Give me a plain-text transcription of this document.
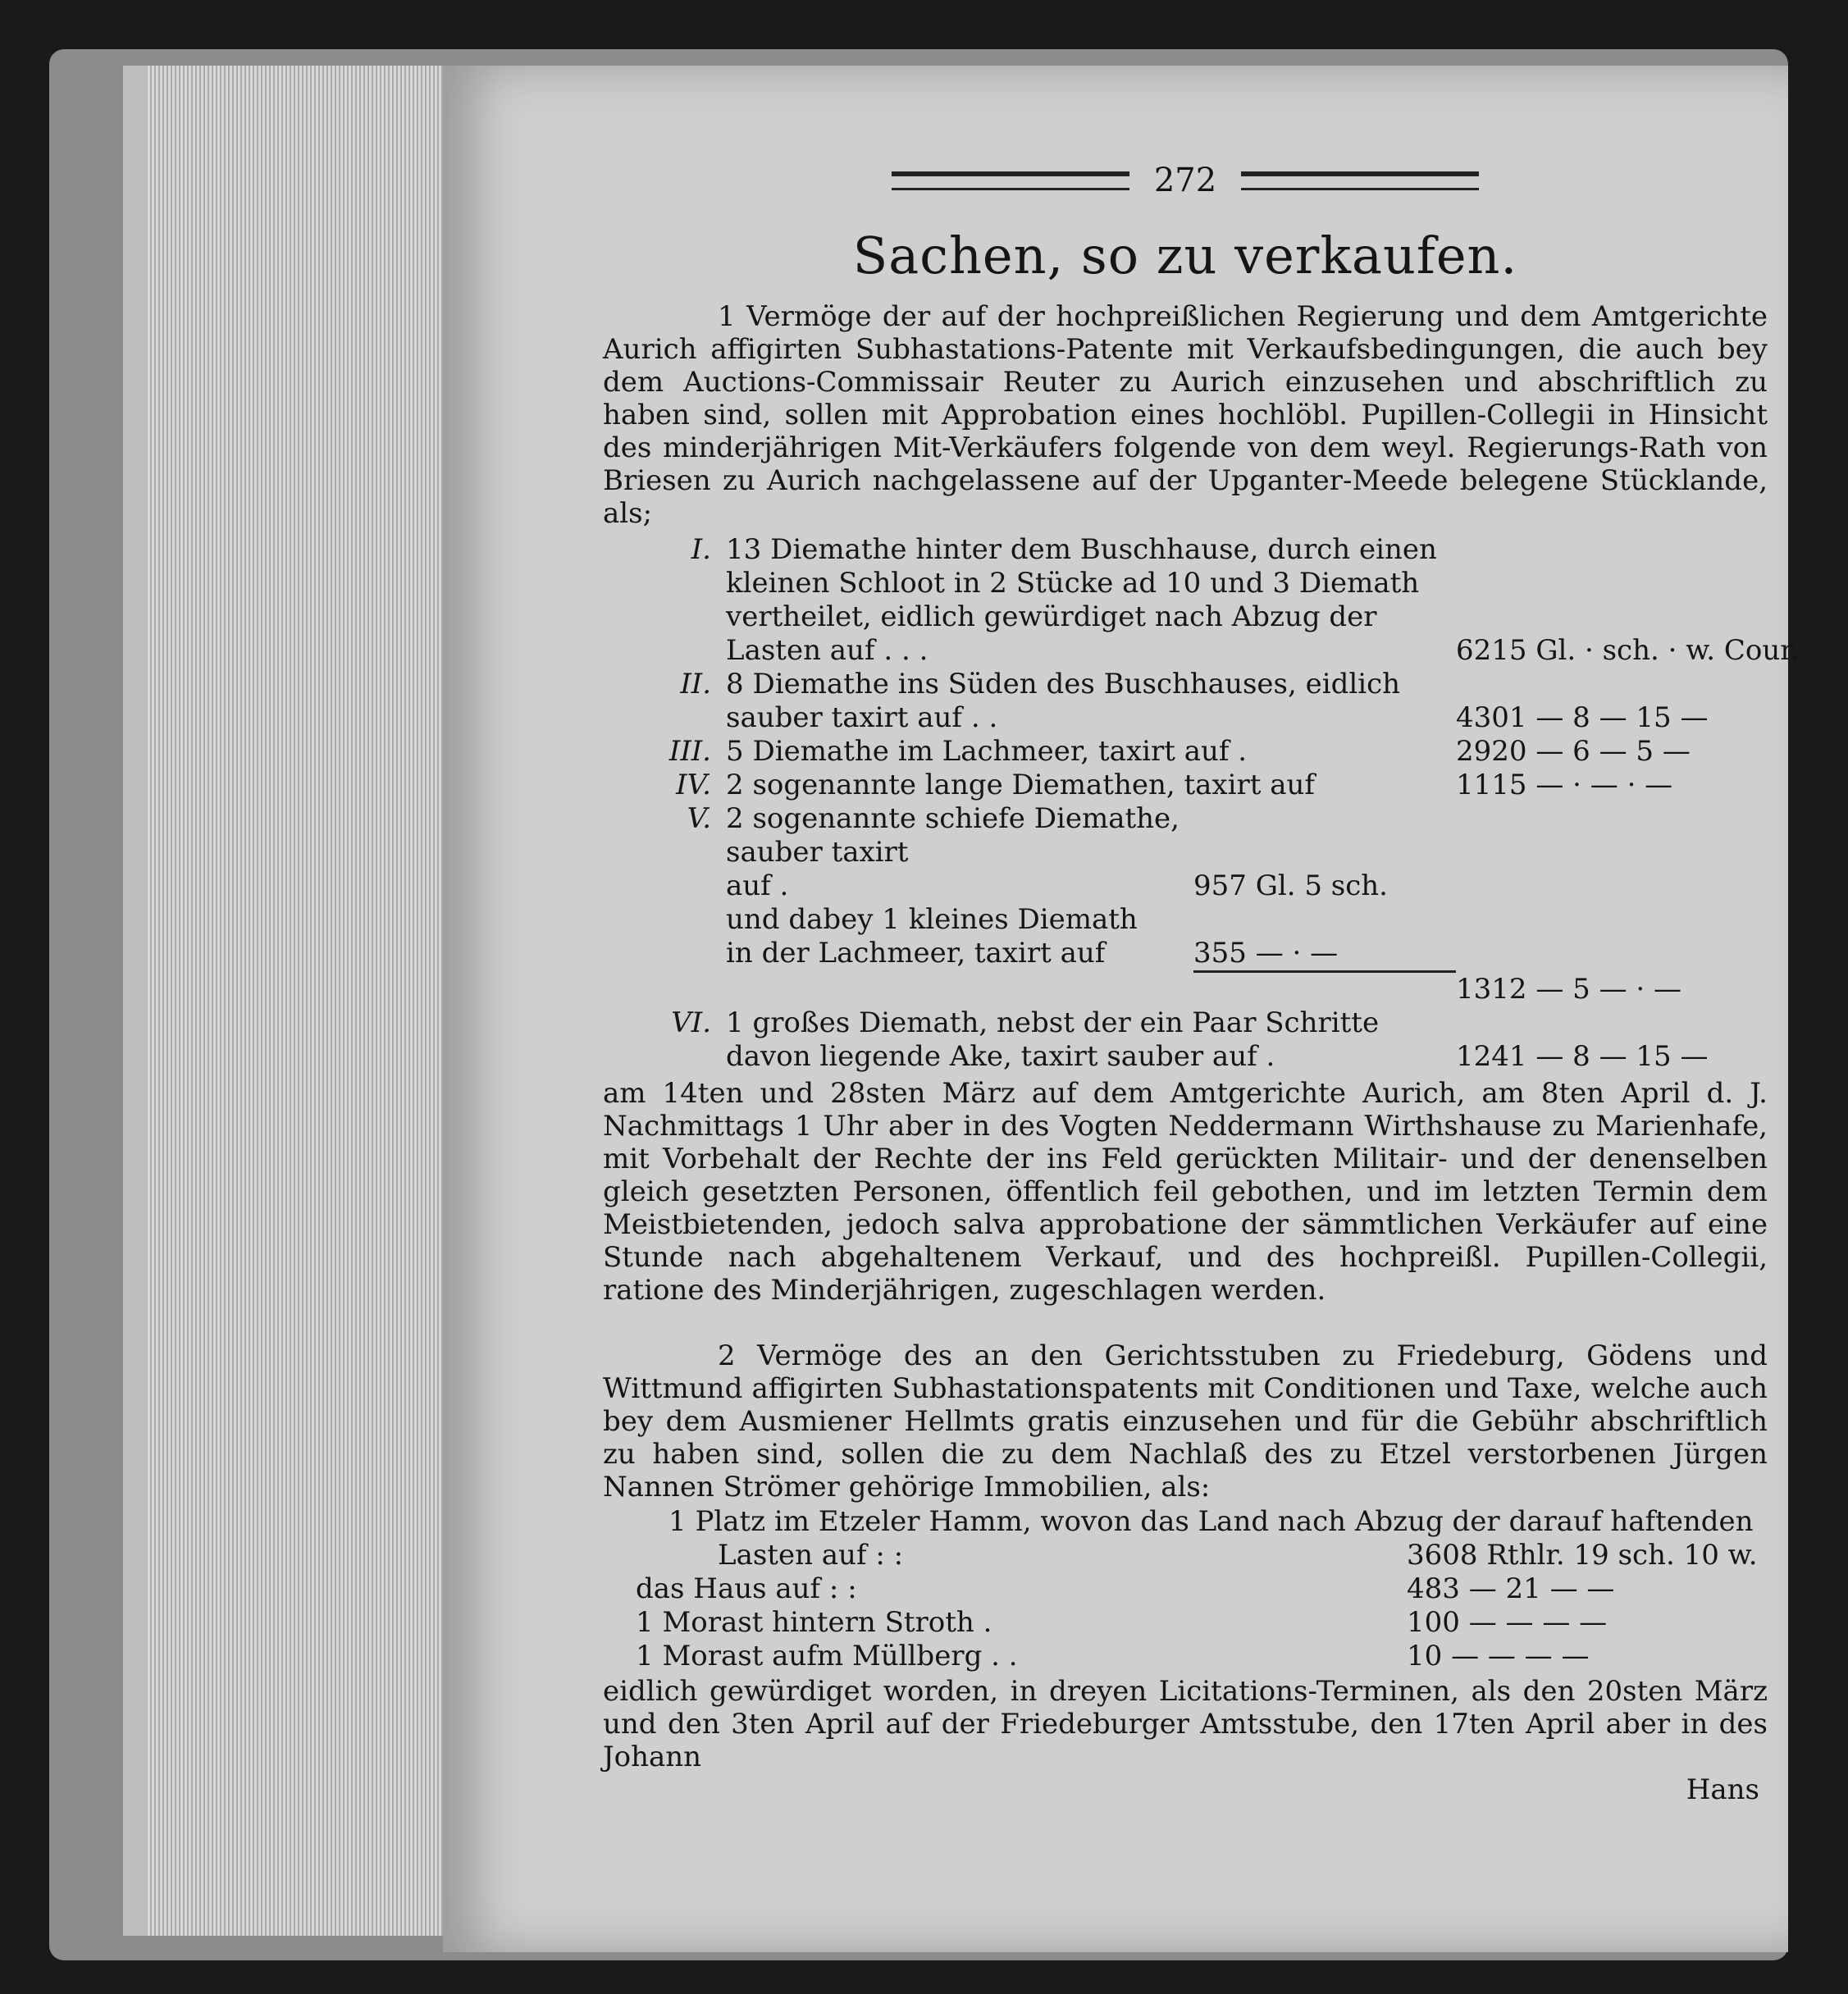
272
Sachen, so zu verkaufen.

1 Vermöge der auf der hochpreißlichen Regierung und dem Amtgerichte Aurich affigirten Subhastations-Patente mit Verkaufsbedingungen, die auch bey dem Auctions-Commissair Reuter zu Aurich einzusehen und abschriftlich zu haben sind, sollen mit Approbation eines hochlöbl. Pupillen-Collegii in Hinsicht des minderjährigen Mit-Verkäufers folgende von dem weyl. Regierungs-Rath von Briesen zu Aurich nachgelassene auf der Upganter-Meede belegene Stücklande, als;

I. 13 Diemathe hinter dem Buschhause, durch einen kleinen Schloot in 2 Stücke ad 10 und 3 Diemath vertheilet, eidlich gewürdiget nach Abzug der Lasten auf . . .	6215 Gl. · sch. · w. Cour.
II. 8 Diemathe ins Süden des Buschhauses, eidlich sauber taxirt auf . .	4301 — 8 — 15 —
III. 5 Diemathe im Lachmeer, taxirt auf .	2920 — 6 — 5 —
IV. 2 sogenannte lange Diemathen, taxirt auf	1115 — · — · —
V. 2 sogenannte schiefe Diemathe, sauber taxirt
auf .	957 Gl. 5 sch.
und dabey 1 kleines Diemath
in der Lachmeer, taxirt auf	355 — · —
1312 — 5 — · —
VI. 1 großes Diemath, nebst der ein Paar Schritte
davon liegende Ake, taxirt sauber auf .	1241 — 8 — 15 —

am 14ten und 28sten März auf dem Amtgerichte Aurich, am 8ten April d. J. Nachmittags 1 Uhr aber in des Vogten Neddermann Wirthshause zu Marienhafe, mit Vorbehalt der Rechte der ins Feld gerückten Militair- und der denenselben gleich gesetzten Personen, öffentlich feil gebothen, und im letzten Termin dem Meistbietenden, jedoch salva approbatione der sämmtlichen Verkäufer auf eine Stunde nach abgehaltenem Verkauf, und des hochpreißl. Pupillen-Collegii, ratione des Minderjährigen, zugeschlagen werden.

2 Vermöge des an den Gerichtsstuben zu Friedeburg, Gödens und Wittmund affigirten Subhastationspatents mit Conditionen und Taxe, welche auch bey dem Ausmiener Hellmts gratis einzusehen und für die Gebühr abschriftlich zu haben sind, sollen die zu dem Nachlaß des zu Etzel verstorbenen Jürgen Nannen Strömer gehörige Immobilien, als:

1 Platz im Etzeler Hamm, wovon das Land nach Abzug der darauf haftenden
Lasten auf : :	3608 Rthlr. 19 sch. 10 w.
das Haus auf : :	483 — 21 — —
1 Morast hintern Stroth .	100 — — — —
1 Morast aufm Müllberg . .	10 — — — —

eidlich gewürdiget worden, in dreyen Licitations-Terminen, als den 20sten März und den 3ten April auf der Friedeburger Amtsstube, den 17ten April aber in des Johann

Hans
